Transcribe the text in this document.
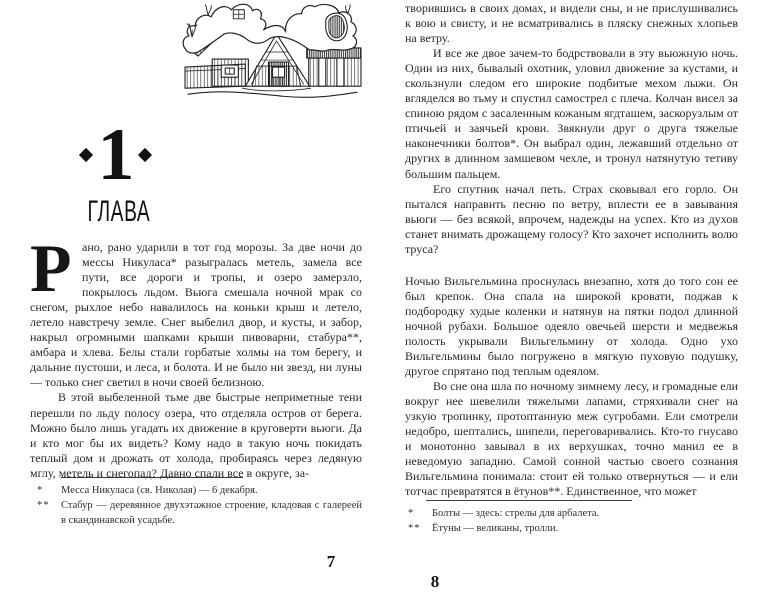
1
ГЛАВА

Рано, рано ударили в тот год морозы. За две ночи до мессы Никуласа* разыгралась метель, замела все пути, все дороги и тропы, и озеро замерзло, покрылось льдом. Вьюга смешала ночной мрак со снегом, рыхлое небо навалилось на коньки крыш и летело, летело навстречу земле. Снег выбелил двор, и кусты, и забор, накрыл огромными шапками крыши пивоварни, стабура**, амбара и хлева. Белы стали горбатые холмы на том берегу, и дальние пустоши, и леса, и болота. И не было ни звезд, ни луны — только снег светил в ночи своей белизною.

В этой выбеленной тьме две быстрые неприметные тени перешли по льду полосу озера, что отделяла остров от берега. Можно было лишь угадать их движение в круговерти вьюги. Да и кто мог бы их видеть? Кому надо в такую ночь покидать теплый дом и дрожать от холода, пробираясь через ледяную мглу, метель и снегопад? Давно спали все в округе, за-

* Месса Никуласа (св. Николая) — 6 декабря.
** Стабур — деревянное двухэтажное строение, кладовая с галереей в скандинавской усадьбе.
7

творившись в своих домах, и видели сны, и не прислушивались к вою и свисту, и не всматривались в пляску снежных хлопьев на ветру.

И все же двое зачем-то бодрствовали в эту вьюжную ночь. Один из них, бывалый охотник, уловил движение за кустами, и скользнули следом его широкие подбитые мехом лыжи. Он вгляделся во тьму и спустил самострел с плеча. Колчан висел за спиною рядом с засаленным кожаным ягдташем, заскорузлым от птичьей и заячьей крови. Звякнули друг о друга тяжелые наконечники болтов*. Он выбрал один, лежавший отдельно от других в длинном замшевом чехле, и тронул натянутую тетиву большим пальцем.

Его спутник начал петь. Страх сковывал его горло. Он пытался направить песню по ветру, вплести ее в завывания вьюги — без всякой, впрочем, надежды на успех. Кто из духов станет внимать дрожащему голосу? Кто захочет исполнить волю труса?

Ночью Вильгельмина проснулась внезапно, хотя до того сон ее был крепок. Она спала на широкой кровати, поджав к подбородку худые коленки и натянув на пятки подол длинной ночной рубахи. Большое одеяло овечьей шерсти и медвежья полость укрывали Вильгельмину от холода. Одно ухо Вильгельмины было погружено в мягкую пуховую подушку, другое спрятано под теплым одеялом.

Во сне она шла по ночному зимнему лесу, и громадные ели вокруг нее шевелили тяжелыми лапами, стряхивали снег на узкую тропинку, протоптанную меж сугробами. Ели смотрели недобро, шептались, шипели, переговаривались. Кто-то гнусаво и монотонно завывал в их верхушках, точно манил ее в неведомую западню. Самой сонной частью своего сознания Вильгельмина понимала: стоит ей только отвернуться — и ели тотчас превратятся в ётунов**. Единственное, что может

* Болты — здесь: стрелы для арбалета.
** Ётуны — великаны, тролли.
8
